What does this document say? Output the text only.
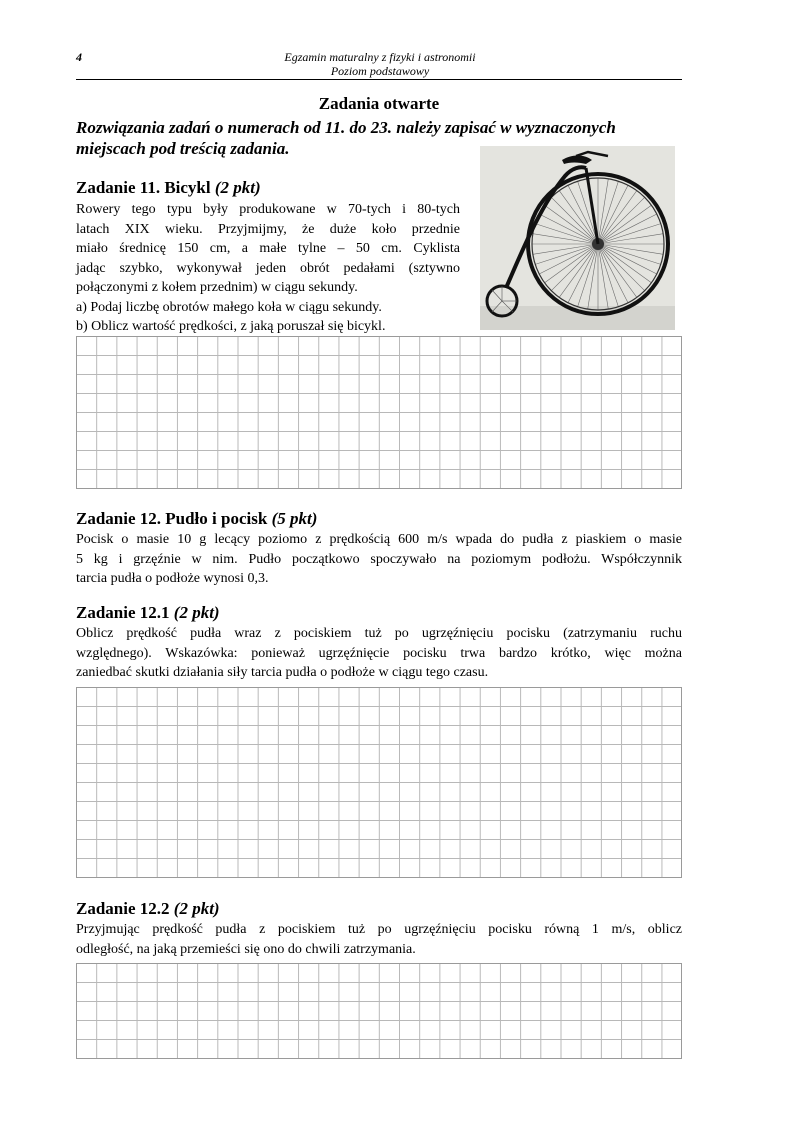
4	Egzamin maturalny z fizyki i astronomii
Poziom podstawowy
Zadania otwarte
Rozwiązania zadań o numerach od 11. do 23. należy zapisać w wyznaczonych
miejscach pod treścią zadania.
Zadanie 11. Bicykl (2 pkt)
Rowery tego typu były produkowane w 70-tych i 80-tych
latach XIX wieku. Przyjmijmy, że duże koło przednie
miało średnicę 150 cm, a małe tylne – 50 cm. Cyklista
jadąc szybko, wykonywał jeden obrót pedałami (sztywno
połączonymi z kołem przednim) w ciągu sekundy.
a) Podaj liczbę obrotów małego koła w ciągu sekundy.
b) Oblicz wartość prędkości, z jaką poruszał się bicykl.
Zadanie 12. Pudło i pocisk (5 pkt)
Pocisk o masie 10 g lecący poziomo z prędkością 600 m/s wpada do pudła z piaskiem o masie
5 kg i grzęźnie w nim. Pudło początkowo spoczywało na poziomym podłożu. Współczynnik
tarcia pudła o podłoże wynosi 0,3.
Zadanie 12.1 (2 pkt)
Oblicz prędkość pudła wraz z pociskiem tuż po ugrzęźnięciu pocisku (zatrzymaniu ruchu
względnego). Wskazówka: ponieważ ugrzęźnięcie pocisku trwa bardzo krótko, więc można
zaniedbać skutki działania siły tarcia pudła o podłoże w ciągu tego czasu.
Zadanie 12.2 (2 pkt)
Przyjmując prędkość pudła z pociskiem tuż po ugrzęźnięciu pocisku równą 1 m/s, oblicz
odległość, na jaką przemieści się ono do chwili zatrzymania.
